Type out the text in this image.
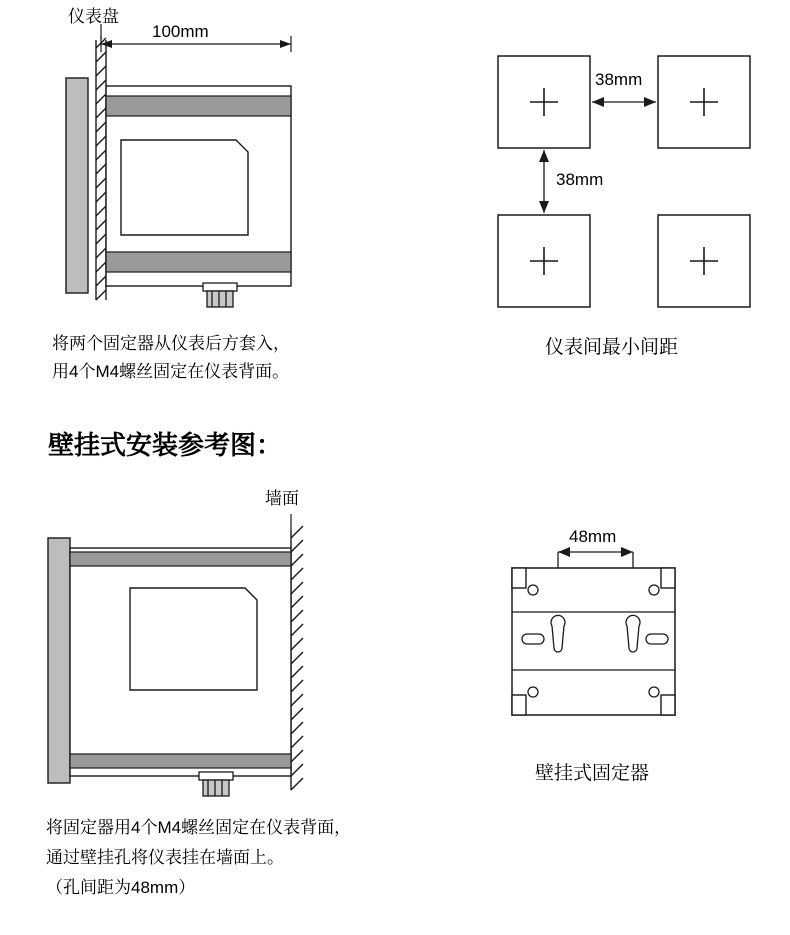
仪表盘
100mm
将两个固定器从仪表后方套入，
用4个M4螺丝固定在仪表背面。
38mm
38mm
仪表间最小间距
壁挂式安装参考图：
墙面
将固定器用4个M4螺丝固定在仪表背面，
通过壁挂孔将仪表挂在墙面上。
（孔间距为48mm）
48mm
壁挂式固定器
